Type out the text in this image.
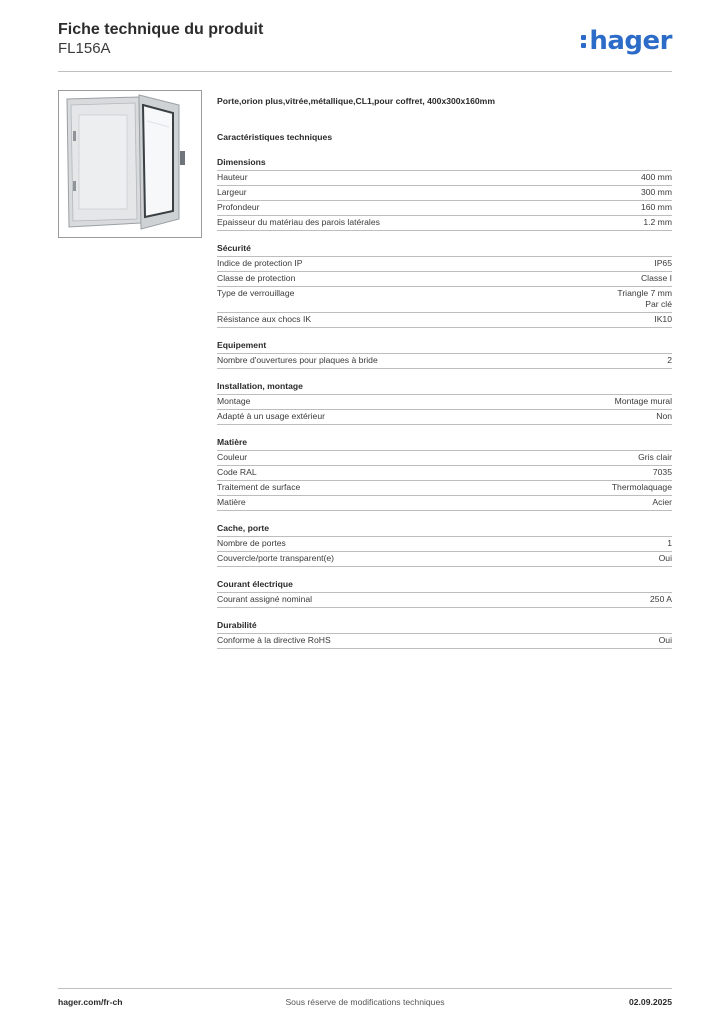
Fiche technique du produit
FL156A	hager
Porte,orion plus,vitrée,métallique,CL1,pour coffret, 400x300x160mm
Caractéristiques techniques
Dimensions
Hauteur	400 mm
Largeur	300 mm
Profondeur	160 mm
Epaisseur du matériau des parois latérales	1.2 mm
Sécurité
Indice de protection IP	IP65
Classe de protection	Classe I
Type de verrouillage	Triangle 7 mm
Par clé
Résistance aux chocs IK	IK10
Equipement
Nombre d'ouvertures pour plaques à bride	2
Installation, montage
Montage	Montage mural
Adapté à un usage extérieur	Non
Matière
Couleur	Gris clair
Code RAL	7035
Traitement de surface	Thermolaquage
Matière	Acier
Cache, porte
Nombre de portes	1
Couvercle/porte transparent(e)	Oui
Courant électrique
Courant assigné nominal	250 A
Durabilité
Conforme à la directive RoHS	Oui
hager.com/fr-ch	Sous réserve de modifications techniques	02.09.2025
